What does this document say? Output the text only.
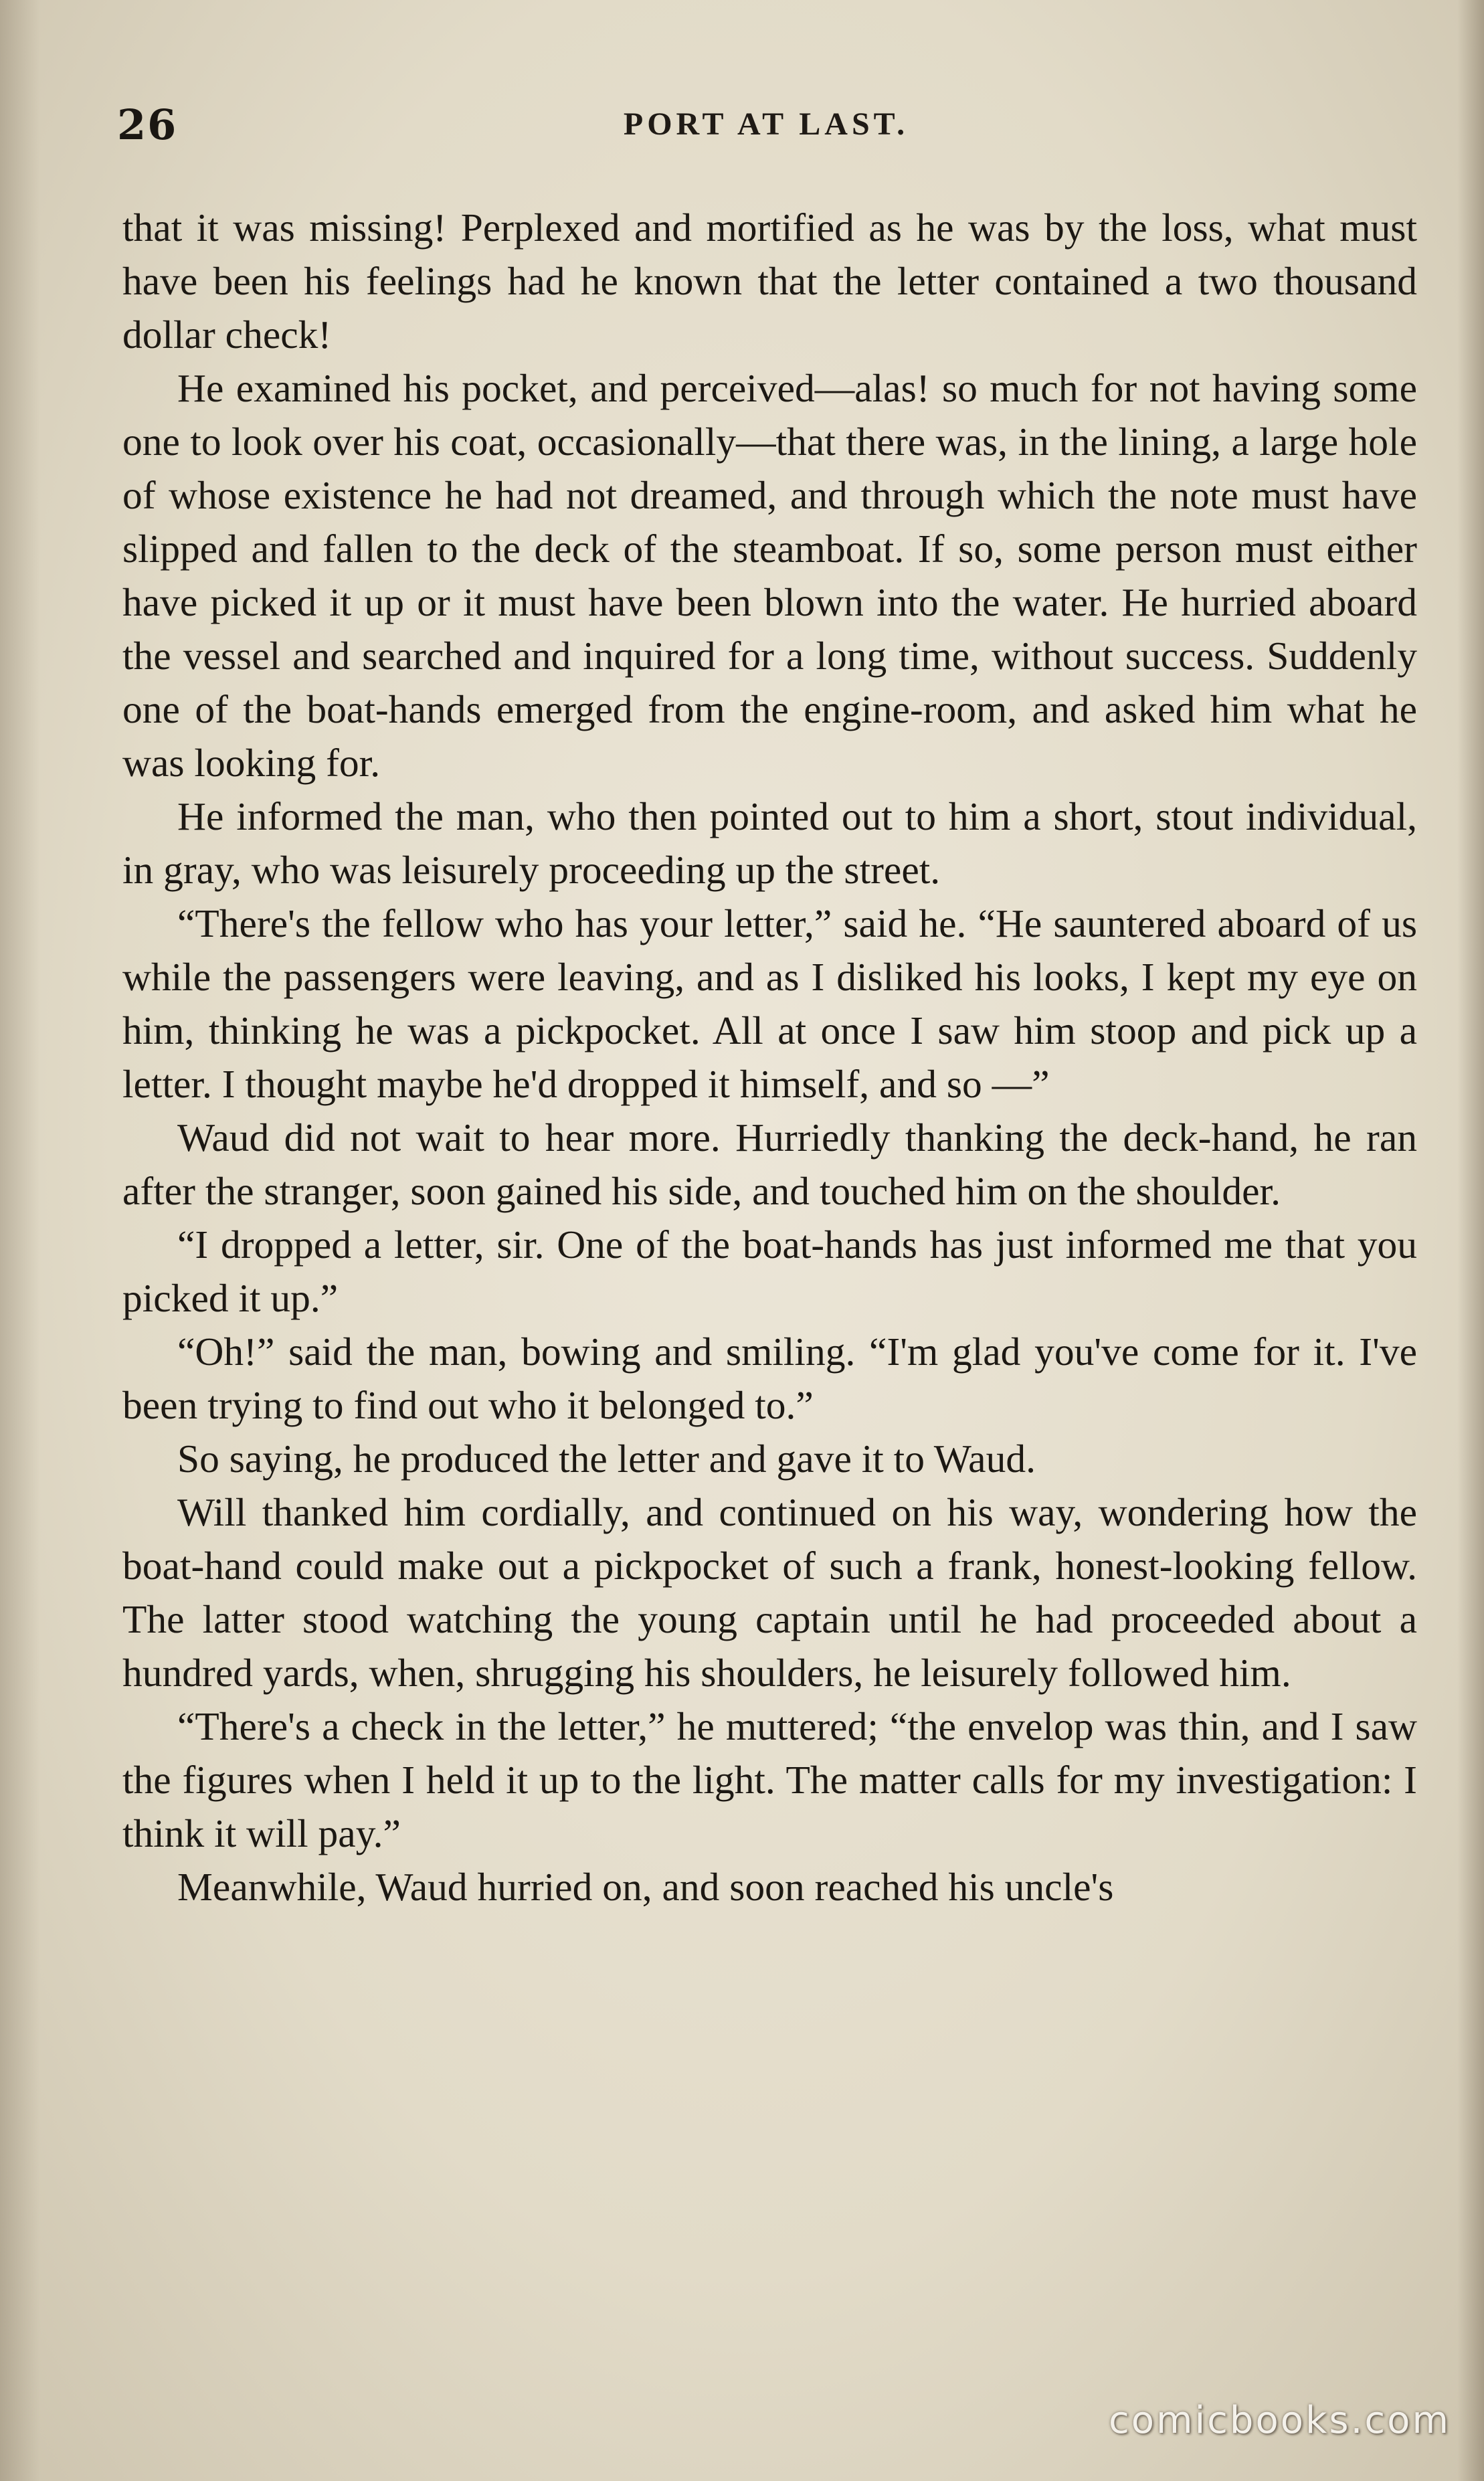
26	PORT AT LAST.

that it was missing! Perplexed and mortified as he was by the loss, what must have been his feelings had he known that the letter contained a two thousand dollar check!

He examined his pocket, and perceived—alas! so much for not having some one to look over his coat, occasionally—that there was, in the lining, a large hole of whose existence he had not dreamed, and through which the note must have slipped and fallen to the deck of the steamboat. If so, some person must either have picked it up or it must have been blown into the water. He hurried aboard the vessel and searched and inquired for a long time, without success. Suddenly one of the boat-hands emerged from the engine-room, and asked him what he was looking for.

He informed the man, who then pointed out to him a short, stout individual, in gray, who was leisurely proceeding up the street.

“There's the fellow who has your letter,” said he. “He sauntered aboard of us while the passengers were leaving, and as I disliked his looks, I kept my eye on him, thinking he was a pickpocket. All at once I saw him stoop and pick up a letter. I thought maybe he'd dropped it himself, and so —”

Waud did not wait to hear more. Hurriedly thanking the deck-hand, he ran after the stranger, soon gained his side, and touched him on the shoulder.

“I dropped a letter, sir. One of the boat-hands has just informed me that you picked it up.”

“Oh!” said the man, bowing and smiling. “I'm glad you've come for it. I've been trying to find out who it belonged to.”

So saying, he produced the letter and gave it to Waud.

Will thanked him cordially, and continued on his way, wondering how the boat-hand could make out a pickpocket of such a frank, honest-looking fellow. The latter stood watching the young captain until he had proceeded about a hundred yards, when, shrugging his shoulders, he leisurely followed him.

“There's a check in the letter,” he muttered; “the envelop was thin, and I saw the figures when I held it up to the light. The matter calls for my investigation: I think it will pay.”

Meanwhile, Waud hurried on, and soon reached his uncle's

comicbooks.com
